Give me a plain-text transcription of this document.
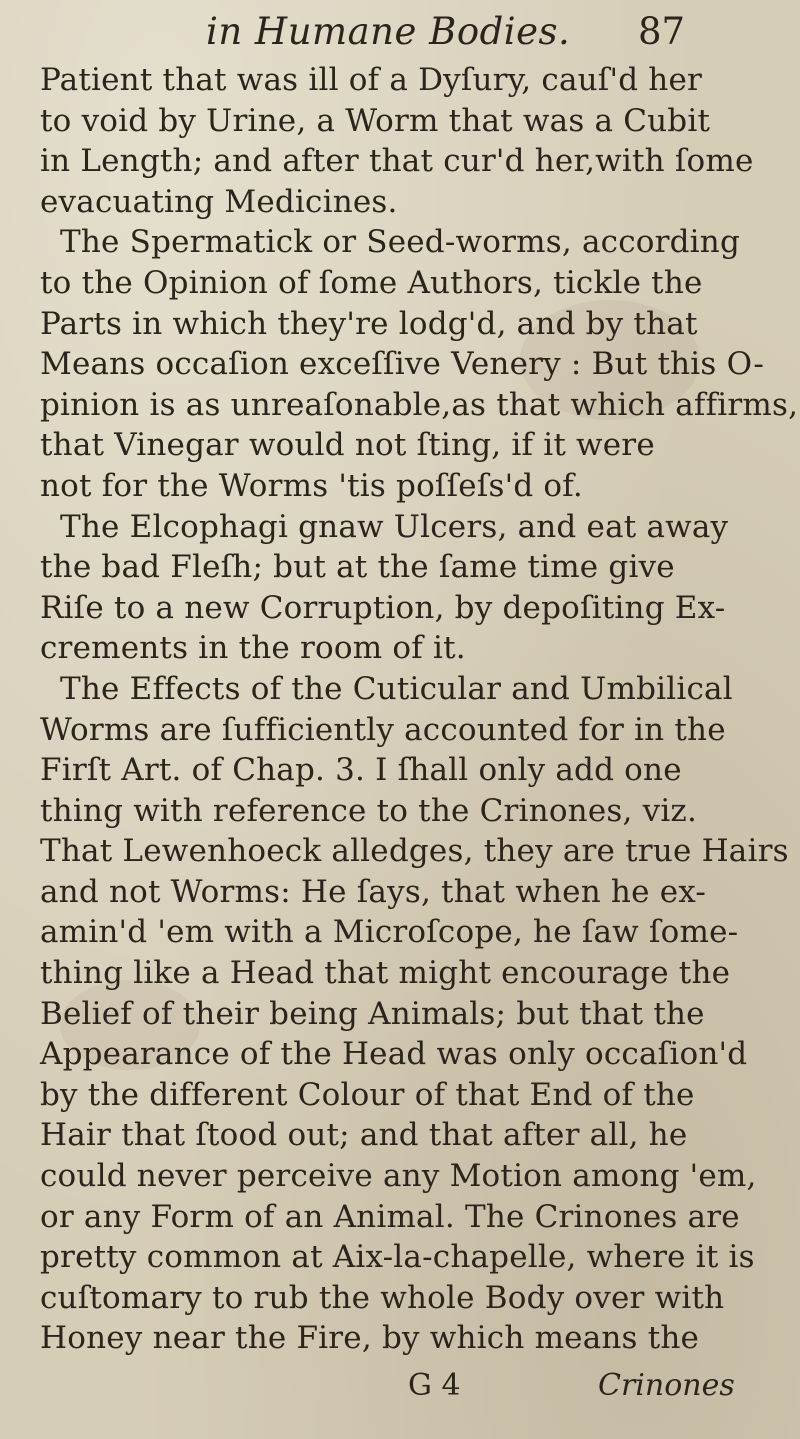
in Humane Bodies. 87
Patient that was ill of a Dyſury, cauſ'd her
to void by Urine, a Worm that was a Cubit
in Length; and after that cur'd her,with ſome
evacuating Medicines.
The Spermatick or Seed-worms, according
to the Opinion of ſome Authors, tickle the
Parts in which they're lodg'd, and by that
Means occaſion exceſſive Venery : But this O-
pinion is as unreaſonable,as that which affirms,
that Vinegar would not ſting, if it were
not for the Worms 'tis poſſeſs'd of.
The Elcophagi gnaw Ulcers, and eat away
the bad Fleſh; but at the ſame time give
Riſe to a new Corruption, by depoſiting Ex-
crements in the room of it.
The Effects of the Cuticular and Umbilical
Worms are ſufficiently accounted for in the
Firſt Art. of Chap. 3. I ſhall only add one
thing with reference to the Crinones, viz.
That Lewenhoeck alledges, they are true Hairs
and not Worms: He ſays, that when he ex-
amin'd 'em with a Microſcope, he ſaw ſome-
thing like a Head that might encourage the
Belief of their being Animals; but that the
Appearance of the Head was only occaſion'd
by the different Colour of that End of the
Hair that ſtood out; and that after all, he
could never perceive any Motion among 'em,
or any Form of an Animal. The Crinones are
pretty common at Aix-la-chapelle, where it is
cuſtomary to rub the whole Body over with
Honey near the Fire, by which means the
G 4	Crinones
